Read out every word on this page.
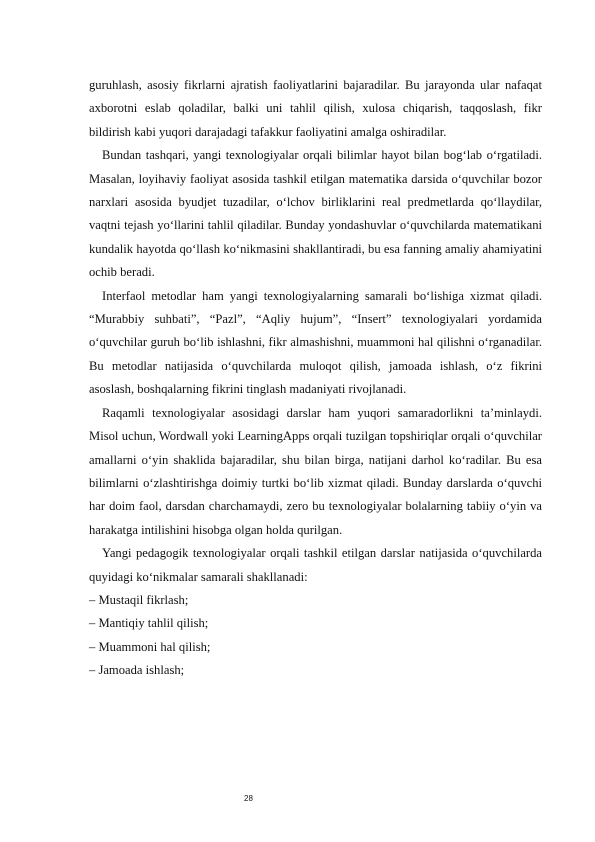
guruhlash, asosiy fikrlarni ajratish faoliyatlarini bajaradilar. Bu jarayonda ular nafaqat axborotni eslab qoladilar, balki uni tahlil qilish, xulosa chiqarish, taqqoslash, fikr bildirish kabi yuqori darajadagi tafakkur faoliyatini amalga oshiradilar.

Bundan tashqari, yangi texnologiyalar orqali bilimlar hayot bilan bog‘lab o‘rgatiladi. Masalan, loyihaviy faoliyat asosida tashkil etilgan matematika darsida o‘quvchilar bozor narxlari asosida byudjet tuzadilar, o‘lchov birliklarini real predmetlarda qo‘llaydilar, vaqtni tejash yo‘llarini tahlil qiladilar. Bunday yondashuvlar o‘quvchilarda matematikani kundalik hayotda qo‘llash ko‘nikmasini shakllantiradi, bu esa fanning amaliy ahamiyatini ochib beradi.

Interfaol metodlar ham yangi texnologiyalarning samarali bo‘lishiga xizmat qiladi. “Murabbiy suhbati”, “Pazl”, “Aqliy hujum”, “Insert” texnologiyalari yordamida o‘quvchilar guruh bo‘lib ishlashni, fikr almashishni, muammoni hal qilishni o‘rganadilar. Bu metodlar natijasida o‘quvchilarda muloqot qilish, jamoada ishlash, o‘z fikrini asoslash, boshqalarning fikrini tinglash madaniyati rivojlanadi.

Raqamli texnologiyalar asosidagi darslar ham yuqori samaradorlikni ta’minlaydi. Misol uchun, Wordwall yoki LearningApps orqali tuzilgan topshiriqlar orqali o‘quvchilar amallarni o‘yin shaklida bajaradilar, shu bilan birga, natijani darhol ko‘radilar. Bu esa bilimlarni o‘zlashtirishga doimiy turtki bo‘lib xizmat qiladi. Bunday darslarda o‘quvchi har doim faol, darsdan charchamaydi, zero bu texnologiyalar bolalarning tabiiy o‘yin va harakatga intilishini hisobga olgan holda qurilgan.

Yangi pedagogik texnologiyalar orqali tashkil etilgan darslar natijasida o‘quvchilarda quyidagi ko‘nikmalar samarali shakllanadi:

– Mustaqil fikrlash;
– Mantiqiy tahlil qilish;
– Muammoni hal qilish;
– Jamoada ishlash;
28
